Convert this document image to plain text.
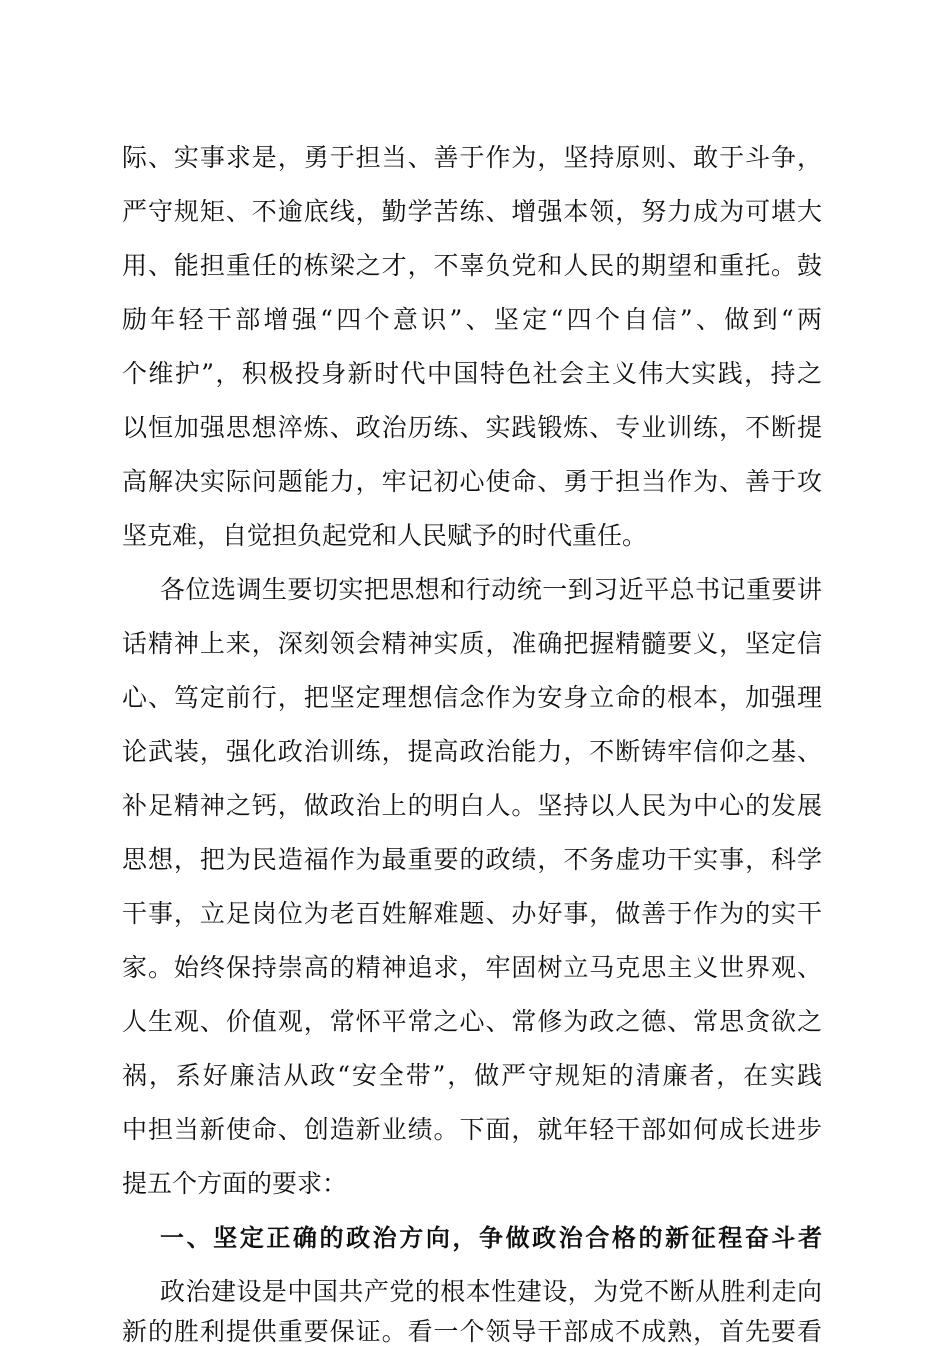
际、实事求是，勇于担当、善于作为，坚持原则、敢于斗争，
严守规矩、不逾底线，勤学苦练、增强本领，努力成为可堪大
用、能担重任的栋梁之才，不辜负党和人民的期望和重托。鼓
励年轻干部增强“四个意识”、坚定“四个自信”、做到“两
个维护”，积极投身新时代中国特色社会主义伟大实践，持之
以恒加强思想淬炼、政治历练、实践锻炼、专业训练，不断提
高解决实际问题能力，牢记初心使命、勇于担当作为、善于攻
坚克难，自觉担负起党和人民赋予的时代重任。
各位选调生要切实把思想和行动统一到习近平总书记重要讲
话精神上来，深刻领会精神实质，准确把握精髓要义，坚定信
心、笃定前行，把坚定理想信念作为安身立命的根本，加强理
论武装，强化政治训练，提高政治能力，不断铸牢信仰之基、
补足精神之钙，做政治上的明白人。坚持以人民为中心的发展
思想，把为民造福作为最重要的政绩，不务虚功干实事，科学
干事，立足岗位为老百姓解难题、办好事，做善于作为的实干
家。始终保持崇高的精神追求，牢固树立马克思主义世界观、
人生观、价值观，常怀平常之心、常修为政之德、常思贪欲之
祸，系好廉洁从政“安全带”，做严守规矩的清廉者，在实践
中担当新使命、创造新业绩。下面，就年轻干部如何成长进步
提五个方面的要求：
一、坚定正确的政治方向，争做政治合格的新征程奋斗者
政治建设是中国共产党的根本性建设，为党不断从胜利走向
新的胜利提供重要保证。看一个领导干部成不成熟，首先要看
